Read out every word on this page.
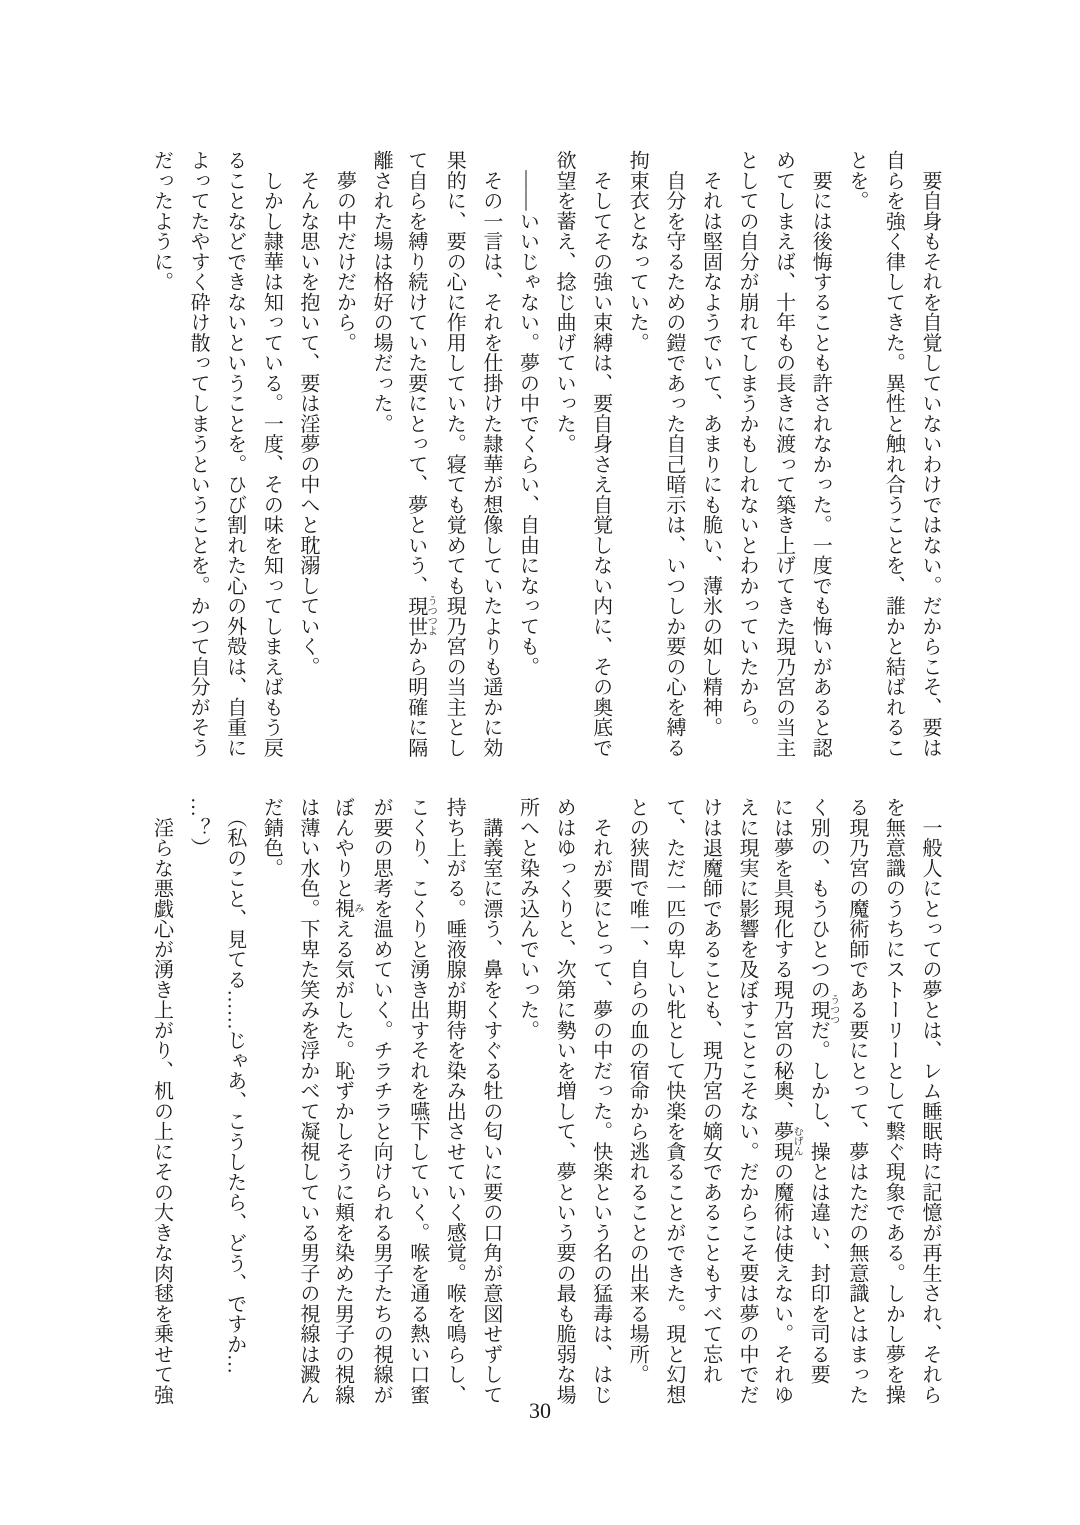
　要自身もそれを自覚していないわけではない。だからこそ、要は
自らを強く律してきた。異性と触れ合うことを、誰かと結ばれるこ
とを。
　要には後悔することも許されなかった。一度でも悔いがあると認
めてしまえば、十年もの長きに渡って築き上げてきた現乃宮の当主
としての自分が崩れてしまうかもしれないとわかっていたから。
　それは堅固なようでいて、あまりにも脆い、薄氷の如し精神。
　自分を守るための鎧であった自己暗示は、いつしか要の心を縛る
拘束衣となっていた。
　そしてその強い束縛は、要自身さえ自覚しない内に、その奥底で
欲望を蓄え、捻じ曲げていった。
　――いいじゃない。夢の中でくらい、自由になっても。
　その一言は、それを仕掛けた隷華が想像していたよりも遥かに効
果的に、要の心に作用していた。寝ても覚めても現乃宮の当主とし
て自らを縛り続けていた要にとって、夢という、現世うつつよから明確に隔
離された場は格好の場だった。
　夢の中だけだから。
　そんな思いを抱いて、要は淫夢の中へと耽溺していく。
　しかし隷華は知っている。一度、その味を知ってしまえばもう戻
ることなどできないということを。ひび割れた心の外殻は、自重に
よってたやすく砕け散ってしまうということを。かつて自分がそう
だったように。
　一般人にとっての夢とは、レム睡眠時に記憶が再生され、それら
を無意識のうちにストーリーとして繋ぐ現象である。しかし夢を操
る現乃宮の魔術師である要にとって、夢はただの無意識とはまった
く別の、もうひとつの現うつつだ。しかし、操とは違い、封印を司る要
には夢を具現化する現乃宮の秘奥、夢現むげんの魔術は使えない。それゆ
えに現実に影響を及ぼすことこそない。だからこそ要は夢の中でだ
けは退魔師であることも、現乃宮の嫡女であることもすべて忘れ
て、ただ一匹の卑しい牝として快楽を貪ることができた。現と幻想
との狭間で唯一、自らの血の宿命から逃れることの出来る場所。
　それが要にとって、夢の中だった。快楽という名の猛毒は、はじ
めはゆっくりと、次第に勢いを増して、夢という要の最も脆弱な場
所へと染み込んでいった。
　講義室に漂う、鼻をくすぐる牡の匂いに要の口角が意図せずして
持ち上がる。唾液腺が期待を染み出させていく感覚。喉を鳴らし、
こくり、こくりと湧き出すそれを嚥下していく。喉を通る熱い口蜜
が要の思考を温めていく。チラチラと向けられる男子たちの視線が
ぼんやりと視みえる気がした。恥ずかしそうに頬を染めた男子の視線
は薄い水色。下卑た笑みを浮かべて凝視している男子の視線は澱ん
だ錆色。
　（私のこと、見てる……じゃあ、こうしたら、どう、ですか…
…？）
　淫らな悪戯心が湧き上がり、机の上にその大きな肉毬を乗せて強
30
